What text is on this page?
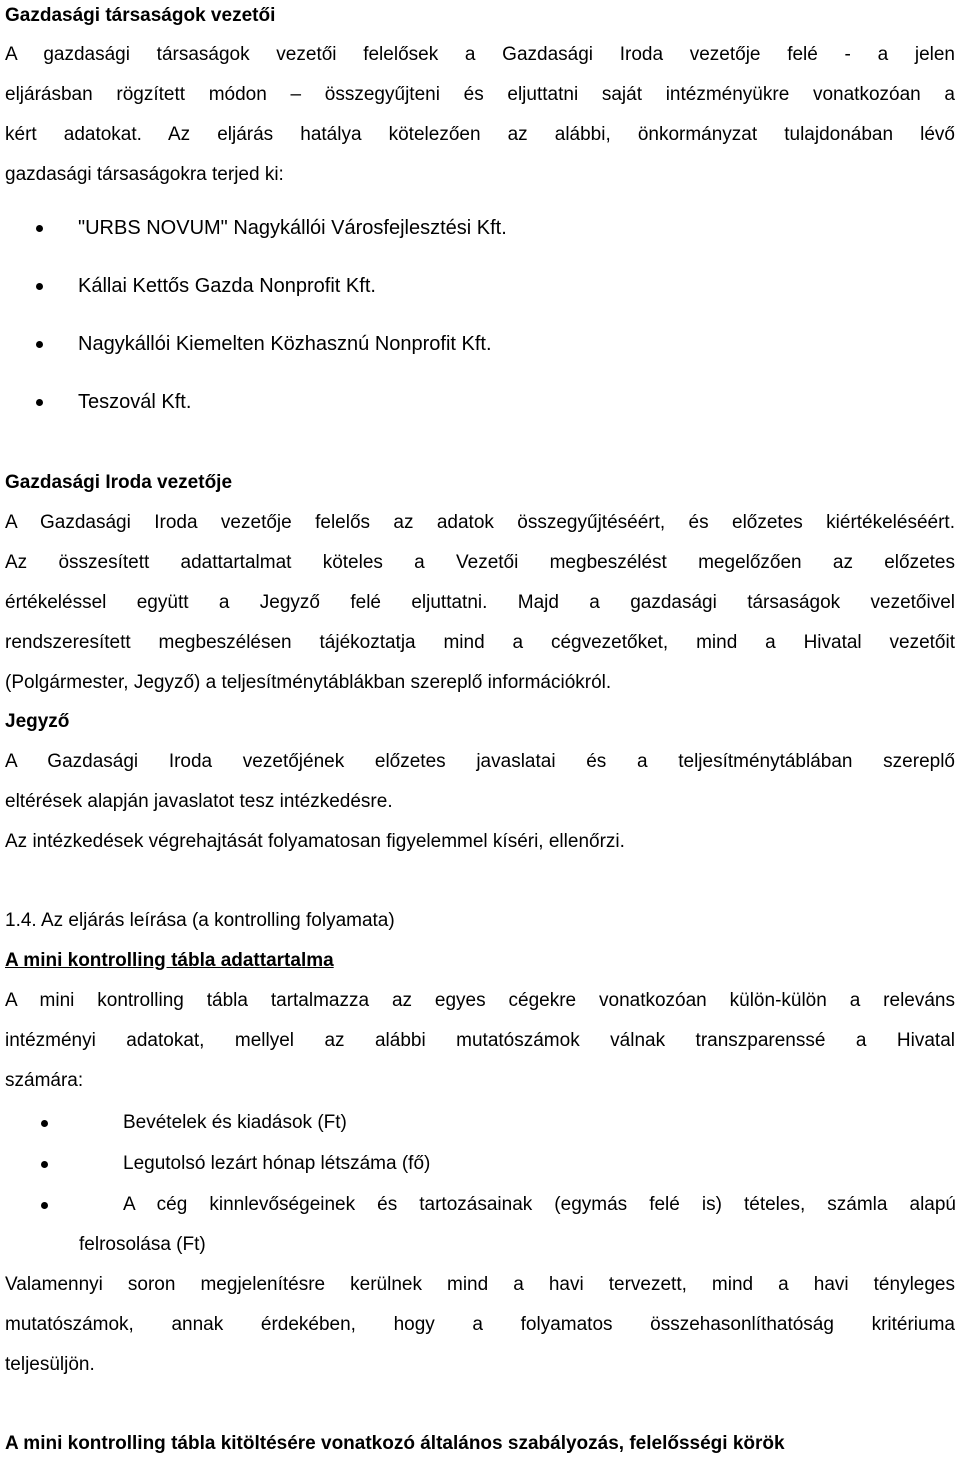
Gazdasági társaságok vezetői
A gazdasági társaságok vezetői felelősek a Gazdasági Iroda vezetője felé - a jelen
eljárásban rögzített módon – összegyűjteni és eljuttatni saját intézményükre vonatkozóan a
kért adatokat. Az eljárás hatálya kötelezően az alábbi, önkormányzat tulajdonában lévő
gazdasági társaságokra terjed ki:
"URBS NOVUM" Nagykállói Városfejlesztési Kft.
Kállai Kettős Gazda Nonprofit Kft.
Nagykállói Kiemelten Közhasznú Nonprofit Kft.
Teszovál Kft.
Gazdasági Iroda vezetője
A Gazdasági Iroda vezetője felelős az adatok összegyűjtéséért, és előzetes kiértékeléséért.
Az összesített adattartalmat köteles a Vezetői megbeszélést megelőzően az előzetes
értékeléssel együtt a Jegyző felé eljuttatni. Majd a gazdasági társaságok vezetőivel
rendszeresített megbeszélésen tájékoztatja mind a cégvezetőket, mind a Hivatal vezetőit
(Polgármester, Jegyző) a teljesítménytáblákban szereplő információkról.
Jegyző
A Gazdasági Iroda vezetőjének előzetes javaslatai és a teljesítménytáblában szereplő
eltérések alapján javaslatot tesz intézkedésre.
Az intézkedések végrehajtását folyamatosan figyelemmel kíséri, ellenőrzi.
1.4. Az eljárás leírása (a kontrolling folyamata)
A mini kontrolling tábla adattartalma
A mini kontrolling tábla tartalmazza az egyes cégekre vonatkozóan külön-külön a releváns
intézményi adatokat, mellyel az alábbi mutatószámok válnak transzparenssé a Hivatal
számára:
Bevételek és kiadások (Ft)
Legutolsó lezárt hónap létszáma (fő)
A cég kinnlevőségeinek és tartozásainak (egymás felé is) tételes, számla alapú
felrosolása (Ft)
Valamennyi soron megjelenítésre kerülnek mind a havi tervezett, mind a havi tényleges
mutatószámok, annak érdekében, hogy a folyamatos összehasonlíthatóság kritériuma
teljesüljön.
A mini kontrolling tábla kitöltésére vonatkozó általános szabályozás, felelősségi körök
